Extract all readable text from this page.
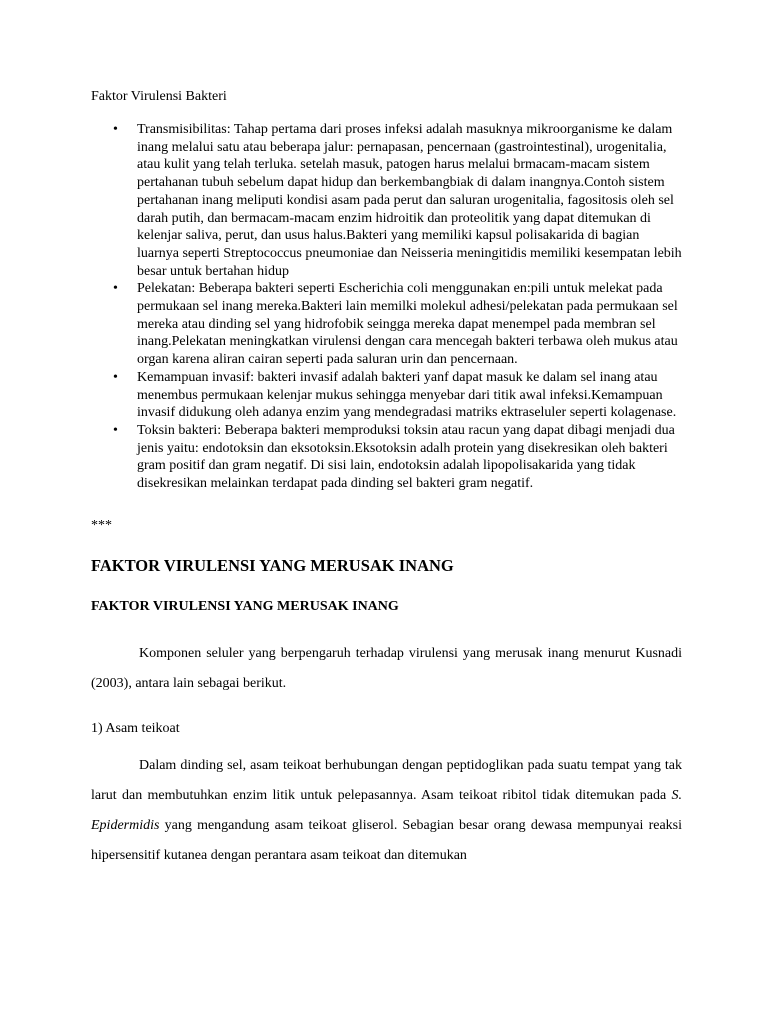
Faktor Virulensi Bakteri
• Transmisibilitas: Tahap pertama dari proses infeksi adalah masuknya mikroorganisme ke dalam inang melalui satu atau beberapa jalur: pernapasan, pencernaan (gastrointestinal), urogenitalia, atau kulit yang telah terluka. setelah masuk, patogen harus melalui brmacam-macam sistem pertahanan tubuh sebelum dapat hidup dan berkembangbiak di dalam inangnya.Contoh sistem pertahanan inang meliputi kondisi asam pada perut dan saluran urogenitalia, fagositosis oleh sel darah putih, dan bermacam-macam enzim hidroitik dan proteolitik yang dapat ditemukan di kelenjar saliva, perut, dan usus halus.Bakteri yang memiliki kapsul polisakarida di bagian luarnya seperti Streptococcus pneumoniae dan Neisseria meningitidis memiliki kesempatan lebih besar untuk bertahan hidup
• Pelekatan: Beberapa bakteri seperti Escherichia coli menggunakan en:pili untuk melekat pada permukaan sel inang mereka.Bakteri lain memilki molekul adhesi/pelekatan pada permukaan sel mereka atau dinding sel yang hidrofobik seingga mereka dapat menempel pada membran sel inang.Pelekatan meningkatkan virulensi dengan cara mencegah bakteri terbawa oleh mukus atau organ karena aliran cairan seperti pada saluran urin dan pencernaan.
• Kemampuan invasif: bakteri invasif adalah bakteri yanf dapat masuk ke dalam sel inang atau menembus permukaan kelenjar mukus sehingga menyebar dari titik awal infeksi.Kemampuan invasif didukung oleh adanya enzim yang mendegradasi matriks ektraseluler seperti kolagenase.
• Toksin bakteri: Beberapa bakteri memproduksi toksin atau racun yang dapat dibagi menjadi dua jenis yaitu: endotoksin dan eksotoksin.Eksotoksin adalh protein yang disekresikan oleh bakteri gram positif dan gram negatif. Di sisi lain, endotoksin adalah lipopolisakarida yang tidak disekresikan melainkan terdapat pada dinding sel bakteri gram negatif.
***
FAKTOR VIRULENSI YANG MERUSAK INANG
FAKTOR VIRULENSI YANG MERUSAK INANG

Komponen seluler yang berpengaruh terhadap virulensi yang merusak inang menurut Kusnadi (2003), antara lain sebagai berikut.

1) Asam teikoat

Dalam dinding sel, asam teikoat berhubungan dengan peptidoglikan pada suatu tempat yang tak larut dan membutuhkan enzim litik untuk pelepasannya. Asam teikoat ribitol tidak ditemukan pada S. Epidermidis yang mengandung asam teikoat gliserol. Sebagian besar orang dewasa mempunyai reaksi hipersensitif kutanea dengan perantara asam teikoat dan ditemukan
